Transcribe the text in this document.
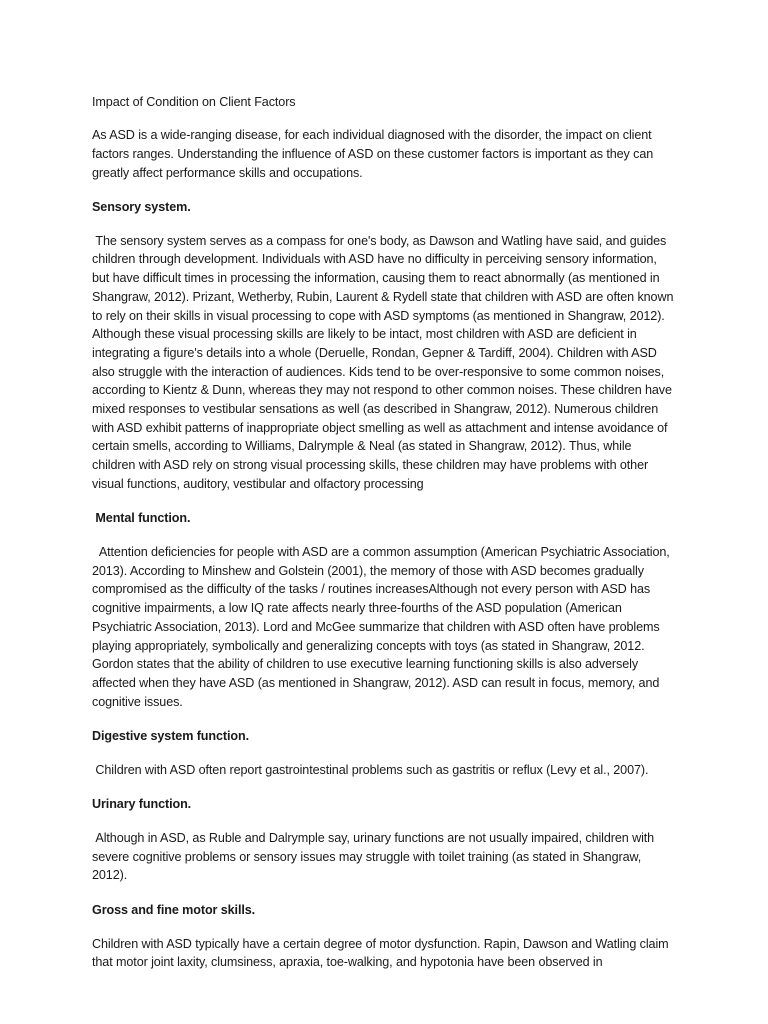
Impact of Condition on Client Factors
As ASD is a wide-ranging disease, for each individual diagnosed with the disorder, the impact on client factors ranges. Understanding the influence of ASD on these customer factors is important as they can greatly affect performance skills and occupations.
Sensory system.
The sensory system serves as a compass for one's body, as Dawson and Watling have said, and guides children through development. Individuals with ASD have no difficulty in perceiving sensory information, but have difficult times in processing the information, causing them to react abnormally (as mentioned in Shangraw, 2012). Prizant, Wetherby, Rubin, Laurent & Rydell state that children with ASD are often known to rely on their skills in visual processing to cope with ASD symptoms (as mentioned in Shangraw, 2012). Although these visual processing skills are likely to be intact, most children with ASD are deficient in integrating a figure's details into a whole (Deruelle, Rondan, Gepner & Tardiff, 2004). Children with ASD also struggle with the interaction of audiences. Kids tend to be over-responsive to some common noises, according to Kientz & Dunn, whereas they may not respond to other common noises. These children have mixed responses to vestibular sensations as well (as described in Shangraw, 2012). Numerous children with ASD exhibit patterns of inappropriate object smelling as well as attachment and intense avoidance of certain smells, according to Williams, Dalrymple & Neal (as stated in Shangraw, 2012). Thus, while children with ASD rely on strong visual processing skills, these children may have problems with other visual functions, auditory, vestibular and olfactory processing
Mental function.
Attention deficiencies for people with ASD are a common assumption (American Psychiatric Association, 2013). According to Minshew and Golstein (2001), the memory of those with ASD becomes gradually compromised as the difficulty of the tasks / routines increasesAlthough not every person with ASD has cognitive impairments, a low IQ rate affects nearly three-fourths of the ASD population (American Psychiatric Association, 2013). Lord and McGee summarize that children with ASD often have problems playing appropriately, symbolically and generalizing concepts with toys (as stated in Shangraw, 2012. Gordon states that the ability of children to use executive learning functioning skills is also adversely affected when they have ASD (as mentioned in Shangraw, 2012). ASD can result in focus, memory, and cognitive issues.
Digestive system function.
Children with ASD often report gastrointestinal problems such as gastritis or reflux (Levy et al., 2007).
Urinary function.
Although in ASD, as Ruble and Dalrymple say, urinary functions are not usually impaired, children with severe cognitive problems or sensory issues may struggle with toilet training (as stated in Shangraw, 2012).
Gross and fine motor skills.
Children with ASD typically have a certain degree of motor dysfunction. Rapin, Dawson and Watling claim that motor joint laxity, clumsiness, apraxia, toe-walking, and hypotonia have been observed in
